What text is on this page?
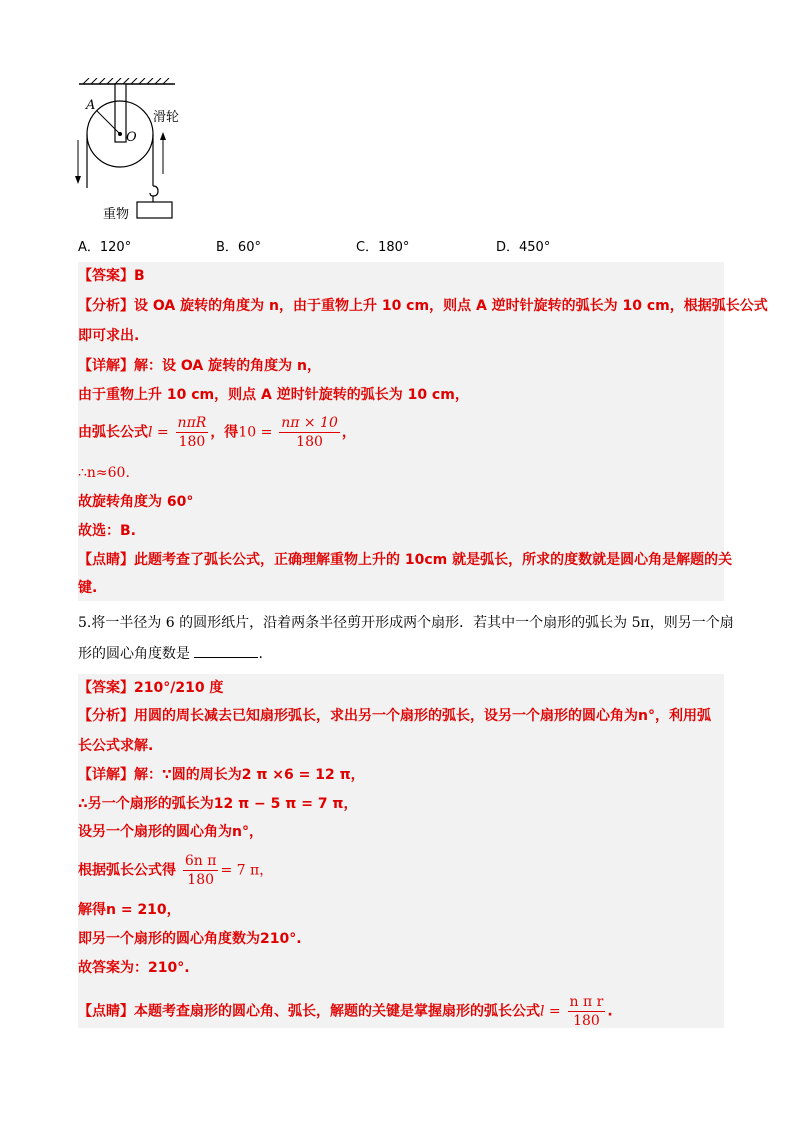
A
O
滑轮
重物
A．120°	B．60°	C．180°	D．450°
【答案】B
【分析】设 OA 旋转的角度为 n，由于重物上升 10 cm，则点 A 逆时针旋转的弧长为 10 cm，根据弧长公式
即可求出.
【详解】解：设 OA 旋转的角度为 n，
由于重物上升 10 cm，则点 A 逆时针旋转的弧长为 10 cm，
由弧长公式$l = \frac{\text{nπR}}{180}$ ，得$10 = \frac{n\pi \times 10}{180}$ ，
∴n≈60.
故旋转角度为 60°
故选：B.
【点睛】此题考查了弧长公式，正确理解重物上升的 10cm 就是弧长，所求的度数就是圆心角是解题的关
键.
5.将一半径为 6 的圆形纸片，沿着两条半径剪开形成两个扇形．若其中一个扇形的弧长为 5π，则另一个扇
形的圆心角度数是	.
【答案】210°/210 度
【分析】用圆的周长减去已知扇形弧长，求出另一个扇形的弧长，设另一个扇形的圆心角为n°，利用弧
长公式求解.
【详解】解：∵圆的周长为2 π ×6 = 12 π，
∴另一个扇形的弧长为12 π − 5 π = 7 π，
设另一个扇形的圆心角为n°，
根据弧长公式得 $\frac{\text{6n π}}{180} = 7$ π，
解得n = 210，
即另一个扇形的圆心角度数为210°.
故答案为：210°.
【点睛】本题考查扇形的圆心角、弧长，解题的关键是掌握扇形的弧长公式$l = \frac{\text{n π r}}{180}$ .
